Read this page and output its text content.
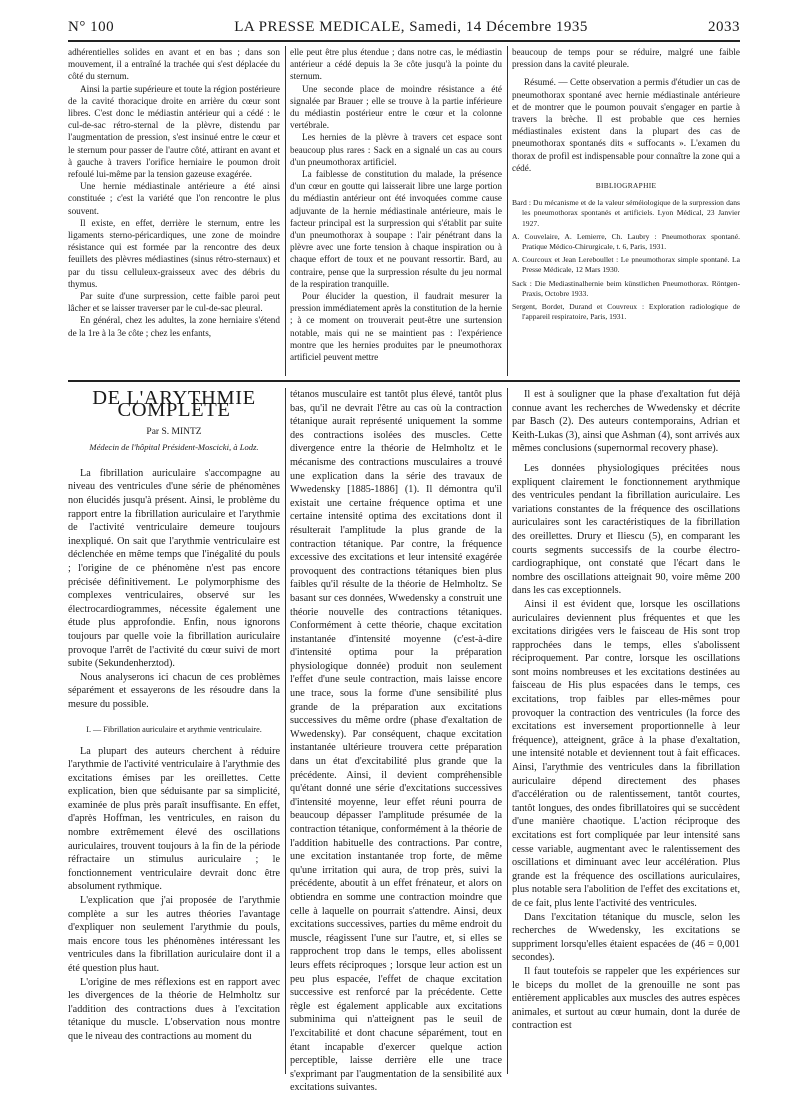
N° 100	LA PRESSE MEDICALE, Samedi, 14 Décembre 1935	2033

adhérentielles solides en avant et en bas ; dans son mouvement, il a entraîné la trachée qui s'est déplacée du côté du sternum.

Ainsi la partie supérieure et toute la région postérieure de la cavité thoracique droite en arrière du cœur sont libres. C'est donc le médiastin antérieur qui a cédé : le cul-de-sac rétro-sternal de la plèvre, distendu par l'augmentation de pression, s'est insinué entre le cœur et le sternum pour passer de l'autre côté, attirant en avant et à gauche à travers l'orifice herniaire le poumon droit refoulé lui-même par la tension gazeuse exagérée.

Une hernie médiastinale antérieure a été ainsi constituée ; c'est la variété que l'on rencontre le plus souvent.

Il existe, en effet, derrière le sternum, entre les ligaments sterno-péricardiques, une zone de moindre résistance qui est formée par la rencontre des deux feuillets des plèvres médiastines (sinus rétro-sternaux) et par du tissu celluleux-graisseux avec des débris du thymus.

Par suite d'une surpression, cette faible paroi peut lâcher et se laisser traverser par le cul-de-sac pleural.

En général, chez les adultes, la zone herniaire s'étend de la 1re à la 3e côte ; chez les enfants,

elle peut être plus étendue ; dans notre cas, le médiastin antérieur a cédé depuis la 3e côte jusqu'à la pointe du sternum.

Une seconde place de moindre résistance a été signalée par Brauer ; elle se trouve à la partie inférieure du médiastin postérieur entre le cœur et la colonne vertébrale.

Les hernies de la plèvre à travers cet espace sont beaucoup plus rares : Sack en a signalé un cas au cours d'un pneumothorax artificiel.

La faiblesse de constitution du malade, la présence d'un cœur en goutte qui laisserait libre une large portion du médiastin antérieur ont été invoquées comme cause adjuvante de la hernie médiastinale antérieure, mais le facteur principal est la surpression qui s'établit par suite d'un pneumothorax à soupape : l'air pénétrant dans la plèvre avec une forte tension à chaque inspiration ou à chaque effort de toux et ne pouvant ressortir. Bard, au contraire, pense que la surpression résulte du jeu normal de la respiration tranquille.

Pour élucider la question, il faudrait mesurer la pression immédiatement après la constitution de la hernie ; à ce moment on trouverait peut-être une surtension notable, mais qui ne se maintient pas : l'expérience montre que les hernies produites par le pneumothorax artificiel peuvent mettre

beaucoup de temps pour se réduire, malgré une faible pression dans la cavité pleurale.

Résumé. — Cette observation a permis d'étudier un cas de pneumothorax spontané avec hernie médiastinale antérieure et de montrer que le poumon pouvait s'engager en partie à travers la brèche. Il est probable que ces hernies médiastinales existent dans la plupart des cas de pneumothorax spontanés dits « suffocants ». L'examen du thorax de profil est indispensable pour connaître la zone qui a cédé.

BIBLIOGRAPHIE
Bard : Du mécanisme et de la valeur séméiologique de la surpression dans les pneumothorax spontanés et artificiels. Lyon Médical, 23 Janvier 1927.
A. Couvelaire, A. Lemierre, Ch. Laubry : Pneumothorax spontané. Pratique Médico-Chirurgicale, t. 6, Paris, 1931.
A. Courcoux et Jean Lereboullet : Le pneumothorax simple spontané. La Presse Médicale, 12 Mars 1930.
Sack : Die Mediastinalhernie beim künstlichen Pneumothorax. Röntgen-Praxis, Octobre 1933.
Sergent, Bordet, Durand et Couvreux : Exploration radiologique de l'appareil respiratoire, Paris, 1931.
DE L'ARYTHMIE COMPLÈTE
Par S. MINTZ
Médecin de l'hôpital Président-Moscicki, à Lodz.

La fibrillation auriculaire s'accompagne au niveau des ventricules d'une série de phénomènes non élucidés jusqu'à présent. Ainsi, le problème du rapport entre la fibrillation auriculaire et l'arythmie de l'activité ventriculaire demeure toujours inexpliqué. On sait que l'arythmie ventriculaire est déclenchée en même temps que l'inégalité du pouls ; l'origine de ce phénomène n'est pas encore précisée définitivement. Le polymorphisme des complexes ventriculaires, observé sur les électrocardiogrammes, nécessite également une étude plus approfondie. Enfin, nous ignorons toujours par quelle voie la fibrillation auriculaire provoque l'arrêt de l'activité du cœur suivi de mort subite (Sekundenherztod).

Nous analyserons ici chacun de ces problèmes séparément et essayerons de les résoudre dans la mesure du possible.

I. — Fibrillation auriculaire et arythmie ventriculaire.

La plupart des auteurs cherchent à réduire l'arythmie de l'activité ventriculaire à l'arythmie des excitations émises par les oreillettes. Cette explication, bien que séduisante par sa simplicité, examinée de plus près paraît insuffisante. En effet, d'après Hoffman, les ventricules, en raison du nombre extrêmement élevé des oscillations auriculaires, trouvent toujours à la fin de la période réfractaire un stimulus auriculaire ; le fonctionnement ventriculaire devrait donc être absolument rythmique.

L'explication que j'ai proposée de l'arythmie complète a sur les autres théories l'avantage d'expliquer non seulement l'arythmie du pouls, mais encore tous les phénomènes intéressant les ventricules dans la fibrillation auriculaire dont il a été question plus haut.

L'origine de mes réflexions est en rapport avec les divergences de la théorie de Helmholtz sur l'addition des contractions dues à l'excitation tétanique du muscle. L'observation nous montre que le niveau des contractions au moment du

tétanos musculaire est tantôt plus élevé, tantôt plus bas, qu'il ne devrait l'être au cas où la contraction tétanique aurait représenté uniquement la somme des contractions isolées des muscles. Cette divergence entre la théorie de Helmholtz et le mécanisme des contractions musculaires a trouvé une explication dans la série des travaux de Wwedensky [1885-1886] (1). Il démontra qu'il existait une certaine fréquence optima et une certaine intensité optima des excitations dont il résulterait l'amplitude la plus grande de la contraction tétanique. Par contre, la fréquence excessive des excitations et leur intensité exagérée provoquent des contractions tétaniques bien plus faibles qu'il résulte de la théorie de Helmholtz. Se basant sur ces données, Wwedensky a construit une théorie nouvelle des contractions tétaniques. Conformément à cette théorie, chaque excitation instantanée d'intensité moyenne (c'est-à-dire d'intensité optima pour la préparation physiologique donnée) produit non seulement l'effet d'une seule contraction, mais laisse encore une trace, sous la forme d'une sensibilité plus grande de la préparation aux excitations successives du même ordre (phase d'exaltation de Wwedensky). Par conséquent, chaque excitation instantanée ultérieure trouvera cette préparation dans un état d'excitabilité plus grande que la précédente. Ainsi, il devient compréhensible qu'étant donné une série d'excitations successives d'intensité moyenne, leur effet réuni pourra de beaucoup dépasser l'amplitude présumée de la contraction tétanique, conformément à la théorie de l'addition habituelle des contractions. Par contre, une excitation instantanée trop forte, de même qu'une irritation qui aura, de trop près, suivi la précédente, aboutit à un effet frénateur, et alors on obtiendra en somme une contraction moindre que celle à laquelle on pourrait s'attendre. Ainsi, deux excitations successives, parties du même endroit du muscle, réagissent l'une sur l'autre, et, si elles se rapprochent trop dans le temps, elles abolissent leurs effets réciproques ; lorsque leur action est un peu plus espacée, l'effet de chaque excitation successive est renforcé par la précédente. Cette règle est également applicable aux excitations subminima qui n'atteignent pas le seuil de l'excitabilité et dont chacune séparément, tout en étant incapable d'exercer quelque action perceptible, laisse derrière elle une trace s'exprimant par l'augmentation de la sensibilité aux excitations suivantes.

Il est à souligner que la phase d'exaltation fut déjà connue avant les recherches de Wwedensky et décrite par Basch (2). Des auteurs contemporains, Adrian et Keith-Lukas (3), ainsi que Ashman (4), sont arrivés aux mêmes conclusions (supernormal recovery phase).

Les données physiologiques précitées nous expliquent clairement le fonctionnement arythmique des ventricules pendant la fibrillation auriculaire. Les variations constantes de la fréquence des oscillations auriculaires sont les caractéristiques de la fibrillation des oreillettes. Drury et Iliescu (5), en comparant les courts segments successifs de la courbe électro-cardiographique, ont constaté que l'écart dans le nombre des oscillations atteignait 90, voire même 200 dans les cas exceptionnels.

Ainsi il est évident que, lorsque les oscillations auriculaires deviennent plus fréquentes et que les excitations dirigées vers le faisceau de His sont trop rapprochées dans le temps, elles s'abolissent réciproquement. Par contre, lorsque les oscillations sont moins nombreuses et les excitations destinées au faisceau de His plus espacées dans le temps, ces excitations, trop faibles par elles-mêmes pour provoquer la contraction des ventricules (la force des excitations est inversement proportionnelle à leur fréquence), atteignent, grâce à la phase d'exaltation, une intensité notable et deviennent tout à fait efficaces. Ainsi, l'arythmie des ventricules dans la fibrillation auriculaire dépend directement des phases d'accélération ou de ralentissement, tantôt courtes, tantôt longues, des ondes fibrillatoires qui se succèdent d'une manière chaotique. L'action réciproque des excitations est fort compliquée par leur intensité sans cesse variable, augmentant avec le ralentissement des oscillations et diminuant avec leur accélération. Plus grande est la fréquence des oscillations auriculaires, plus notable sera l'abolition de l'effet des excitations et, de ce fait, plus lente l'activité des ventricules.

Dans l'excitation tétanique du muscle, selon les recherches de Wwedensky, les excitations se suppriment lorsqu'elles étaient espacées de (46 = 0,001 secondes).

Il faut toutefois se rappeler que les expériences sur le biceps du mollet de la grenouille ne sont pas entièrement applicables aux muscles des autres espèces animales, et surtout au cœur humain, dont la durée de contraction est
